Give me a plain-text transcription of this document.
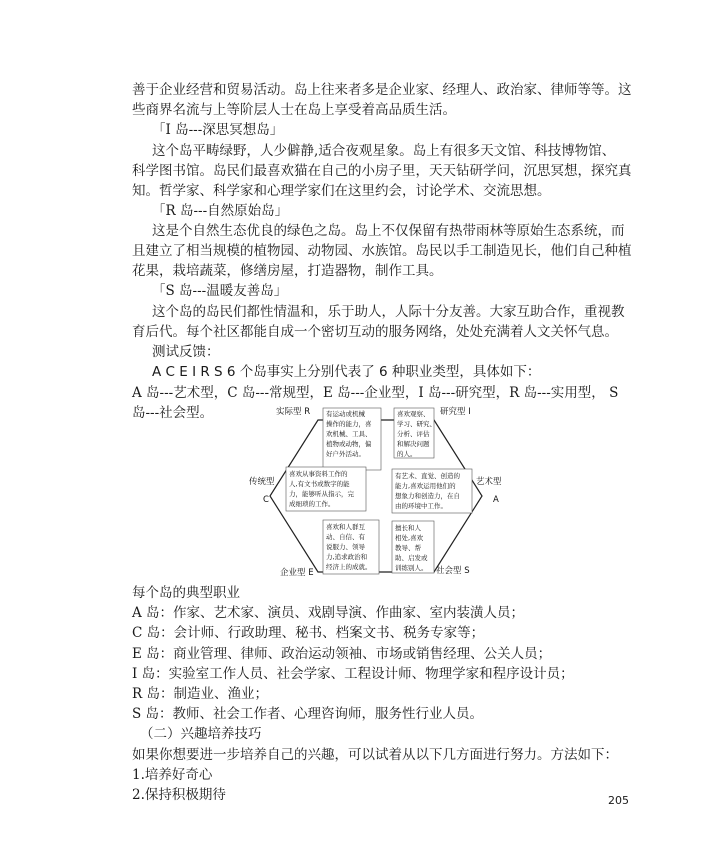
善于企业经营和贸易活动。岛上往来者多是企业家、经理人、政治家、律师等等。这
些商界名流与上等阶层人士在岛上享受着高品质生活。
「I 岛---深思冥想岛」
这个岛平畴绿野，人少僻静,适合夜观星象。岛上有很多天文馆、科技博物馆、
科学图书馆。岛民们最喜欢猫在自己的小房子里，天天钻研学问，沉思冥想，探究真
知。哲学家、科学家和心理学家们在这里约会，讨论学术、交流思想。
「R 岛---自然原始岛」
这是个自然生态优良的绿色之岛。岛上不仅保留有热带雨林等原始生态系统，而
且建立了相当规模的植物园、动物园、水族馆。岛民以手工制造见长，他们自己种植
花果，栽培蔬菜，修缮房屋，打造器物，制作工具。
「S 岛---温暖友善岛」
这个岛的岛民们都性情温和，乐于助人，人际十分友善。大家互助合作，重视教
育后代。每个社区都能自成一个密切互动的服务网络，处处充满着人文关怀气息。
测试反馈：
A C E I R S 6 个岛事实上分别代表了 6 种职业类型，具体如下：
A 岛---艺术型，C 岛---常规型，E 岛---企业型，I 岛---研究型，R 岛---实用型， S
岛---社会型。	实际型 R	研究型 I
艺术型
A
社会型 S
企业型 E
传统型
C
有运动或机械
操作的能力，喜
欢机械、工具、
植物或动物，偏
好户外活动。
喜欢观察、
学习、研究、
分析、评估
和解决问题
的人。
喜欢从事资料工作的
人,有文书或数字的能
力，能够听从指示，完
成细琐的工作。
有艺术、直觉、创造的
能力,喜欢运用他们的
想象力和创造力，在自
由的环境中工作。
喜欢和人群互
动、自信、有
说服力、领导
力,追求政治和
经济上的成就。
擅长和人
相处,喜欢
教导、帮
助、启发或
训练别人。
每个岛的典型职业
A 岛：作家、艺术家、演员、戏剧导演、作曲家、室内装潢人员；
C 岛：会计师、行政助理、秘书、档案文书、税务专家等；
E 岛：商业管理、律师、政治运动领袖、市场或销售经理、公关人员；
I 岛：实验室工作人员、社会学家、工程设计师、物理学家和程序设计员；
R 岛：制造业、渔业；
S 岛：教师、社会工作者、心理咨询师，服务性行业人员。
（二）兴趣培养技巧
如果你想要进一步培养自己的兴趣，可以试着从以下几方面进行努力。方法如下：
1.培养好奇心
2.保持积极期待	205
